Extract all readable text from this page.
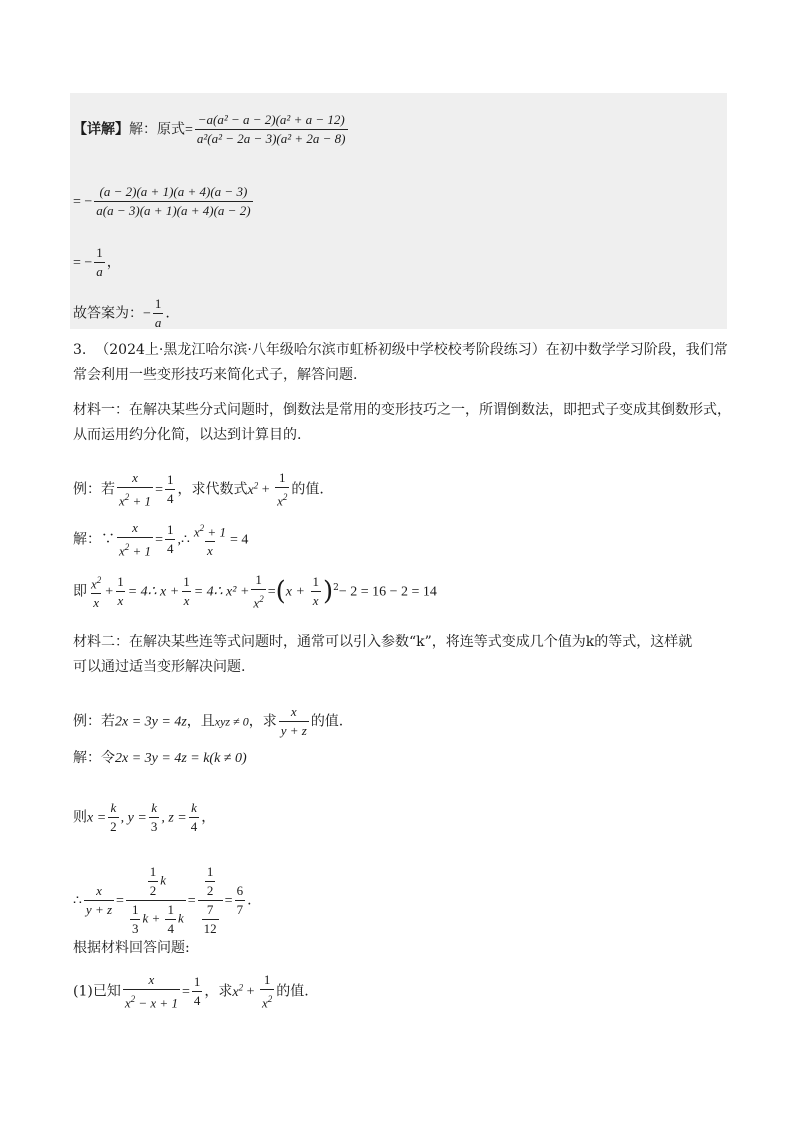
【详解】解：原式= $\frac{\text{−a(a² − a − 2)(a² + a − 12)}}{\text{a²(a² − 2a − 3)(a² + 2a − 8)}}$
= − $\frac{(a - 2)(a + 1)(a + 4)(a - 3)}{a(a - 3)(a + 1)(a + 4)(a - 2)}$
= − $\frac{1}{a}$ ，
故答案为：− $\frac{1}{a}$ .
3. （2024上·黑龙江哈尔滨·八年级哈尔滨市虹桥初级中学校校考阶段练习）在初中数学学习阶段，我们常
常会利用一些变形技巧来简化式子，解答问题.
材料一：在解决某些分式问题时，倒数法是常用的变形技巧之一，所谓倒数法，即把式子变成其倒数形式，
从而运用约分化简，以达到计算目的.
例：若 $\frac{x}{x^2 + 1} = \frac{1}{4}$ ，求代数式$x^2 + \frac{1}{x^2}$ 的值.
解：∵ $\frac{x}{x^2 + 1} = \frac{1}{4}$ ,∴ $\frac{x^2 + 1}{x} = 4$
即 $\frac{x^2}{x} + \frac{1}{x}$ = 4∴ $x + \frac{1}{x}$ = 4∴ $x^2 + \frac{1}{x^2} =(x + \frac{1}{x} )^2- 2 = 16 - 2 = 14$
材料二：在解决某些连等式问题时，通常可以引入参数“k”，将连等式变成几个值为k的等式，这样就
可以通过适当变形解决问题.
例：若2x = 3y = 4z，且xyz ≠ 0，求 $\frac{x}{y + z}$ 的值.
解：令2x = 3y = 4z = k(k ≠ 0)
则$x = \frac{k}{2}$ , $y = \frac{k}{3}$ , $z = \frac{k}{4}$ ，
∴ $\frac{x}{y + z} = \frac{\frac{1}{2} k}{\frac{1}{3} k + \frac{1}{4} k} = \frac{\frac{1}{2}}{\frac{7}{12}} = \frac{6}{7}$ .
根据材料回答问题:
(1)已知 $\frac{x}{x^2 - x + 1} = \frac{1}{4}$ ，求$x^2 + \frac{1}{x^2}$ 的值.
